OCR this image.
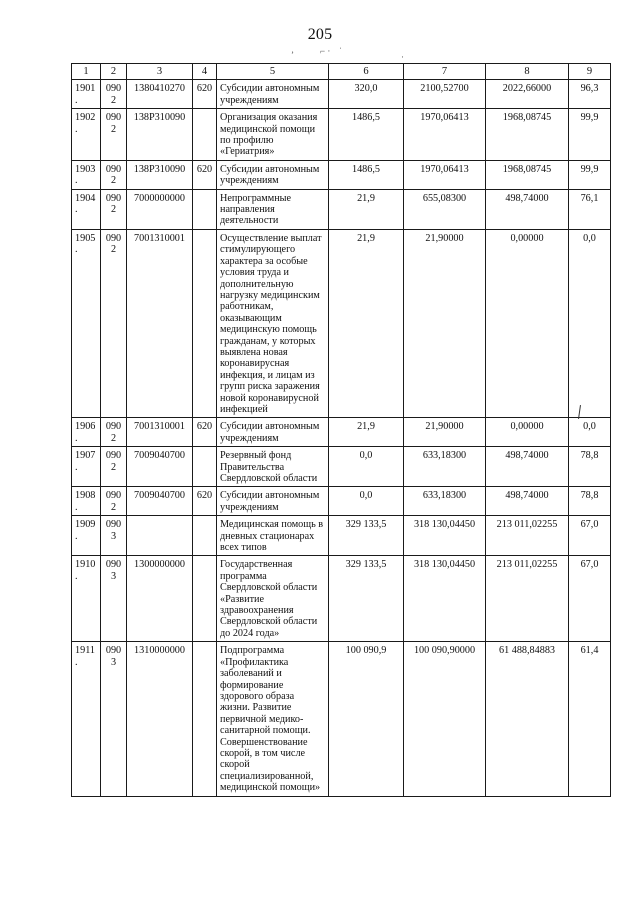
205
ʼ	⌐ ·
·
ˈ
1	2	3	4	5	6	7	8	9
1901.	0902	1380410270	620	Субсидии автономным учреждениям	320,0	2100,52700	2022,66000	96,3
1902.	0902	138Р310090		Организация оказания медицинской помощи по профилю «Гериатрия»	1486,5	1970,06413	1968,08745	99,9
1903.	0902	138Р310090	620	Субсидии автономным учреждениям	1486,5	1970,06413	1968,08745	99,9
1904.	0902	7000000000		Непрограммные направления деятельности	21,9	655,08300	498,74000	76,1
1905.	0902	7001310001		Осуществление выплат стимулирующего характера за особые условия труда и дополнительную нагрузку медицинским работникам, оказывающим медицинскую помощь гражданам, у которых выявлена новая коронавирусная инфекция, и лицам из групп риска заражения новой коронавирусной инфекцией	21,9	21,90000	0,00000	0,0
1906.	0902	7001310001	620	Субсидии автономным учреждениям	21,9	21,90000	0,00000	0,0
1907.	0902	7009040700		Резервный фонд Правительства Свердловской области	0,0	633,18300	498,74000	78,8
1908.	0902	7009040700	620	Субсидии автономным учреждениям	0,0	633,18300	498,74000	78,8
1909.	0903			Медицинская помощь в дневных стационарах всех типов	329 133,5	318 130,04450	213 011,02255	67,0
1910.	0903	1300000000		Государственная программа Свердловской области «Развитие здравоохранения Свердловской области до 2024 года»	329 133,5	318 130,04450	213 011,02255	67,0
1911.	0903	1310000000		Подпрограмма «Профилактика заболеваний и формирование здорового образа жизни. Развитие первичной медико-санитарной помощи. Совершенствование скорой, в том числе скорой специализированной, медицинской помощи»	100 090,9	100 090,90000	61 488,84883	61,4
